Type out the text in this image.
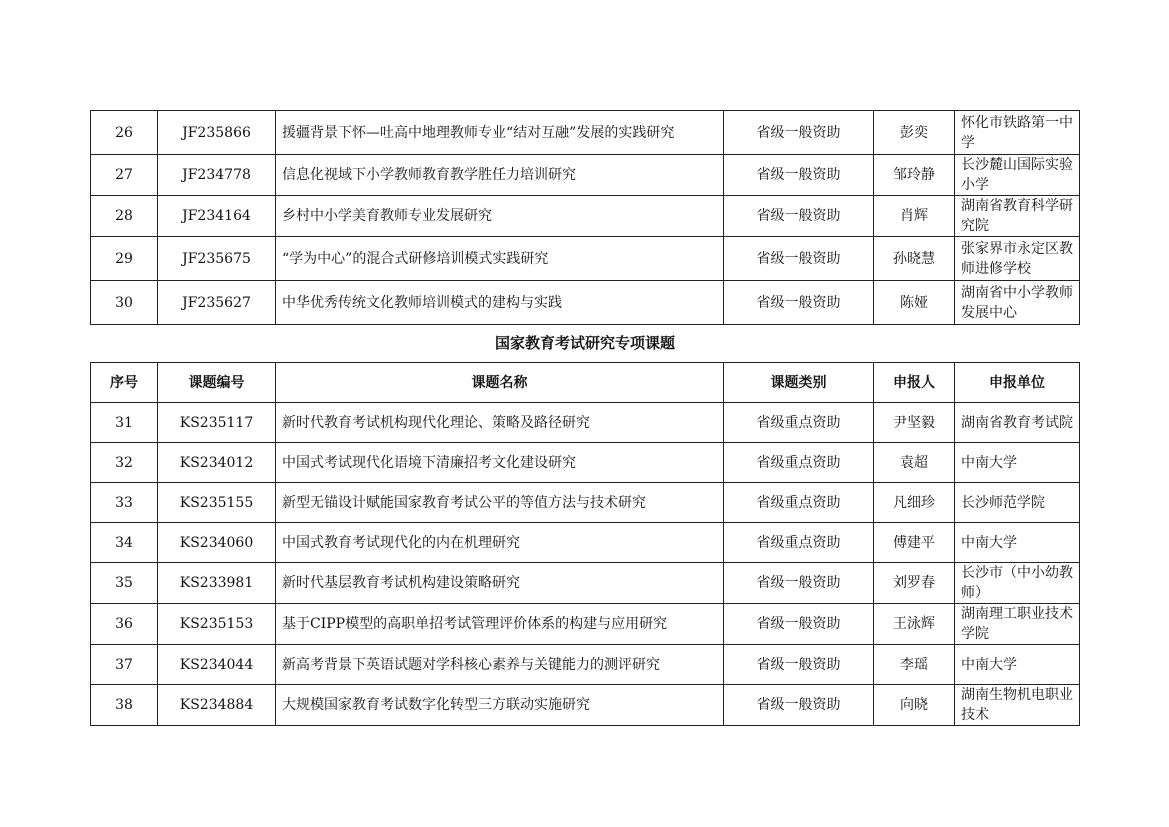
26	JF235866	援疆背景下怀—吐高中地理教师专业“结对互融”发展的实践研究	省级一般资助	彭奕	怀化市铁路第一中学
27	JF234778	信息化视域下小学教师教育教学胜任力培训研究	省级一般资助	邹玲静	长沙麓山国际实验小学
28	JF234164	乡村中小学美育教师专业发展研究	省级一般资助	肖辉	湖南省教育科学研究院
29	JF235675	“学为中心”的混合式研修培训模式实践研究	省级一般资助	孙晓慧	张家界市永定区教师进修学校
30	JF235627	中华优秀传统文化教师培训模式的建构与实践	省级一般资助	陈娅	湖南省中小学教师发展中心
国家教育考试研究专项课题
序号	课题编号	课题名称	课题类别	申报人	申报单位
31	KS235117	新时代教育考试机构现代化理论、策略及路径研究	省级重点资助	尹坚毅	湖南省教育考试院
32	KS234012	中国式考试现代化语境下清廉招考文化建设研究	省级重点资助	袁超	中南大学
33	KS235155	新型无锚设计赋能国家教育考试公平的等值方法与技术研究	省级重点资助	凡细珍	长沙师范学院
34	KS234060	中国式教育考试现代化的内在机理研究	省级重点资助	傅建平	中南大学
35	KS233981	新时代基层教育考试机构建设策略研究	省级一般资助	刘罗春	长沙市（中小幼教师）
36	KS235153	基于CIPP模型的高职单招考试管理评价体系的构建与应用研究	省级一般资助	王泳辉	湖南理工职业技术学院
37	KS234044	新高考背景下英语试题对学科核心素养与关键能力的测评研究	省级一般资助	李瑶	中南大学
38	KS234884	大规模国家教育考试数字化转型三方联动实施研究	省级一般资助	向晓	湖南生物机电职业技术
